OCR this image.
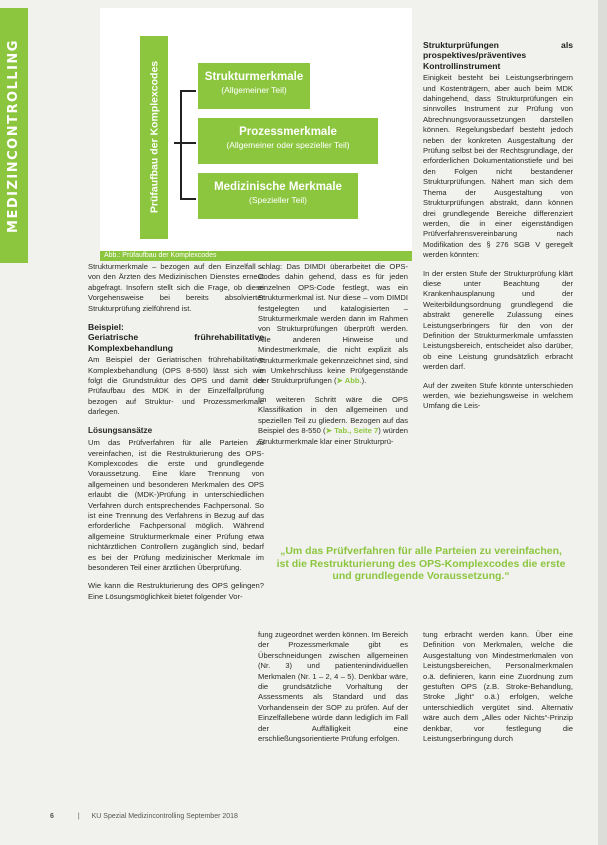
MEDIZINCONTROLLING	Prüfaufbau der Komplexcodes	Strukturmerkmale
(Allgemeiner Teil)
Prozessmerkmale
(Allgemeiner oder spezieller Teil)
Medizinische Merkmale
(Spezieller Teil)
Abb.: Prüfaufbau der Komplexcodes

Strukturmerkmale – bezogen auf den Einzelfall – von den Ärzten des Medizinischen Dienstes erneut abgefragt. Insofern stellt sich die Frage, ob diese Vorgehensweise bei bereits absolvierter Strukturprüfung zielführend ist.

Beispiel:
Geriatrische frührehabilitative Komplexbehandlung

Am Beispiel der Geriatrischen frührehabilitative Komplexbehandlung (OPS 8-550) lässt sich wie folgt die Grundstruktur des OPS und damit der Prüfaufbau des MDK in der Einzelfallprüfung bezogen auf Struktur- und Prozessmerkmale darlegen.

Lösungsansätze

Um das Prüfverfahren für alle Parteien zu vereinfachen, ist die Restrukturierung des OPS-Komplexcodes die erste und grundlegende Voraussetzung. Eine klare Trennung von allgemeinen und besonderen Merkmalen des OPS erlaubt die (MDK-)Prüfung in unterschiedlichen Verfahren durch entsprechendes Fachpersonal. So ist eine Trennung des Verfahrens in Bezug auf das erforderliche Fachpersonal möglich. Während allgemeine Strukturmerkmale einer Prüfung etwa nichtärztlichen Controllern zugänglich sind, bedarf es bei der Prüfung medizinischer Merkmale im besonderen Teil einer ärztlichen Überprüfung.

Wie kann die Restrukturierung des OPS gelingen? Eine Lösungsmöglichkeit bietet folgender Vor-

schlag: Das DIMDI überarbeitet die OPS-Codes dahin gehend, dass es für jeden einzelnen OPS-Code festlegt, was ein Strukturmerkmal ist. Nur diese – vom DIMDI festgelegten und katalogisierten – Strukturmerkmale werden dann im Rahmen von Strukturprüfungen überprüft werden. Alle anderen Hinweise und Mindestmerkmale, die nicht explizit als Strukturmerkmale gekennzeichnet sind, sind im Umkehrschluss keine Prüfgegenstände der Strukturprüfungen (➤ Abb.).

Im weiteren Schritt wäre die OPS Klassifikation in den allgemeinen und speziellen Teil zu gliedern. Bezogen auf das Beispiel des 8-550 (➤ Tab., Seite 7) würden Strukturmerkmale klar einer Strukturprü-

fung zugeordnet werden können. Im Bereich der Prozessmerkmale gibt es Überschneidungen zwischen allgemeinen (Nr. 3) und patientenindividuellen Merkmalen (Nr. 1 – 2, 4 – 5). Denkbar wäre, die grundsätzliche Vorhaltung der Assessments als Standard und das Vorhandensein der SOP zu prüfen. Auf der Einzelfallebene würde dann lediglich im Fall der Auffälligkeit eine erschließungsorientierte Prüfung erfolgen.

Strukturprüfungen als prospektives/präventives Kontrollinstrument

Einigkeit besteht bei Leistungserbringern und Kostenträgern, aber auch beim MDK dahingehend, dass Strukturprüfungen ein sinnvolles Instrument zur Prüfung von Abrechnungsvoraussetzungen darstellen können. Regelungsbedarf besteht jedoch neben der konkreten Ausgestaltung der Prüfung selbst bei der Rechtsgrundlage, der erforderlichen Dokumentationstiefe und bei den Folgen nicht bestandener Strukturprüfungen. Nähert man sich dem Thema der Ausgestaltung von Strukturprüfungen abstrakt, dann können drei grundlegende Bereiche differenziert werden, die in einer eigenständigen Prüfverfahrensvereinbarung nach Modifikation des § 276 SGB V geregelt werden könnten:

In der ersten Stufe der Strukturprüfung klärt diese unter Beachtung der Krankenhausplanung und der Weiterbildungsordnung grundlegend die abstrakt generelle Zulassung eines Leistungserbringers für den von der Definition der Strukturmerkmale umfassten Leistungsbereich, entscheidet also darüber, ob eine Leistung grundsätzlich erbracht werden darf.

Auf der zweiten Stufe könnte unterschieden werden, wie beziehungsweise in welchem Umfang die Leis-

„Um das Prüfverfahren für alle Parteien zu vereinfachen, ist die Restrukturierung des OPS-Komplexcodes die erste und grundlegende Voraussetzung.“

tung erbracht werden kann. Über eine Definition von Merkmalen, welche die Ausgestaltung von Mindestmerkmalen von Leistungsbereichen, Personalmerkmalen o.ä. definieren, kann eine Zuordnung zum gestuften OPS (z.B. Stroke-Behandlung, Stroke „light“ o.ä.) erfolgen, welche unterschiedlich vergütet sind. Alternativ wäre auch dem „Alles oder Nichts“-Prinzip denkbar, vor festlegung die Leistungserbringung durch

6	| KU Spezial Medizincontrolling September 2018
